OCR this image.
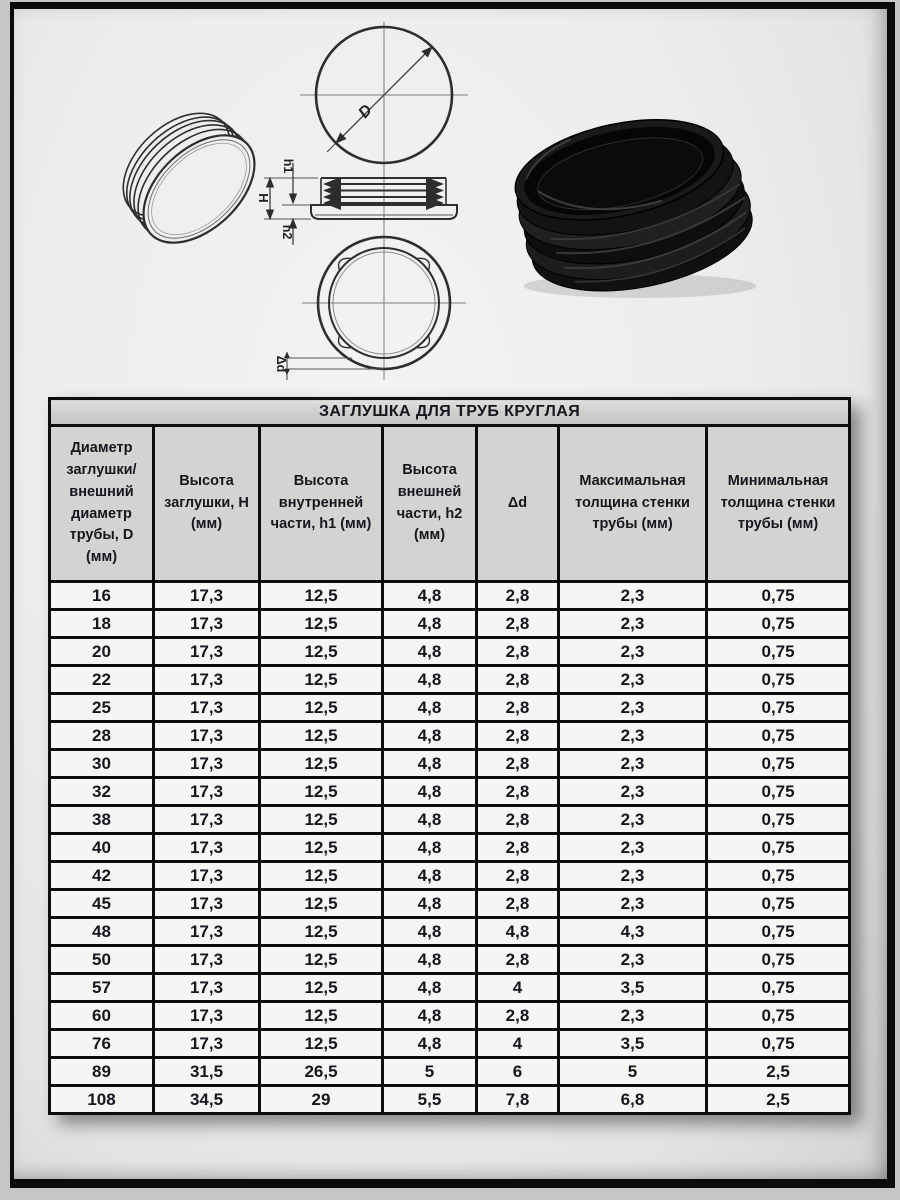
D
h1
H
h2
Δd
ЗАГЛУШКА ДЛЯ ТРУБ КРУГЛАЯ						
Диаметр заглушки/ внешний диаметр трубы, D (мм)	Высота заглушки, Н (мм)	Высота внутренней части, h1 (мм)	Высота внешней части, h2 (мм)	Δd	Максимальная толщина стенки трубы (мм)	Минимальная толщина стенки трубы (мм)
16	17,3	12,5	4,8	2,8	2,3	0,75
18	17,3	12,5	4,8	2,8	2,3	0,75
20	17,3	12,5	4,8	2,8	2,3	0,75
22	17,3	12,5	4,8	2,8	2,3	0,75
25	17,3	12,5	4,8	2,8	2,3	0,75
28	17,3	12,5	4,8	2,8	2,3	0,75
30	17,3	12,5	4,8	2,8	2,3	0,75
32	17,3	12,5	4,8	2,8	2,3	0,75
38	17,3	12,5	4,8	2,8	2,3	0,75
40	17,3	12,5	4,8	2,8	2,3	0,75
42	17,3	12,5	4,8	2,8	2,3	0,75
45	17,3	12,5	4,8	2,8	2,3	0,75
48	17,3	12,5	4,8	4,8	4,3	0,75
50	17,3	12,5	4,8	2,8	2,3	0,75
57	17,3	12,5	4,8	4	3,5	0,75
60	17,3	12,5	4,8	2,8	2,3	0,75
76	17,3	12,5	4,8	4	3,5	0,75
89	31,5	26,5	5	6	5	2,5
108	34,5	29	5,5	7,8	6,8	2,5
